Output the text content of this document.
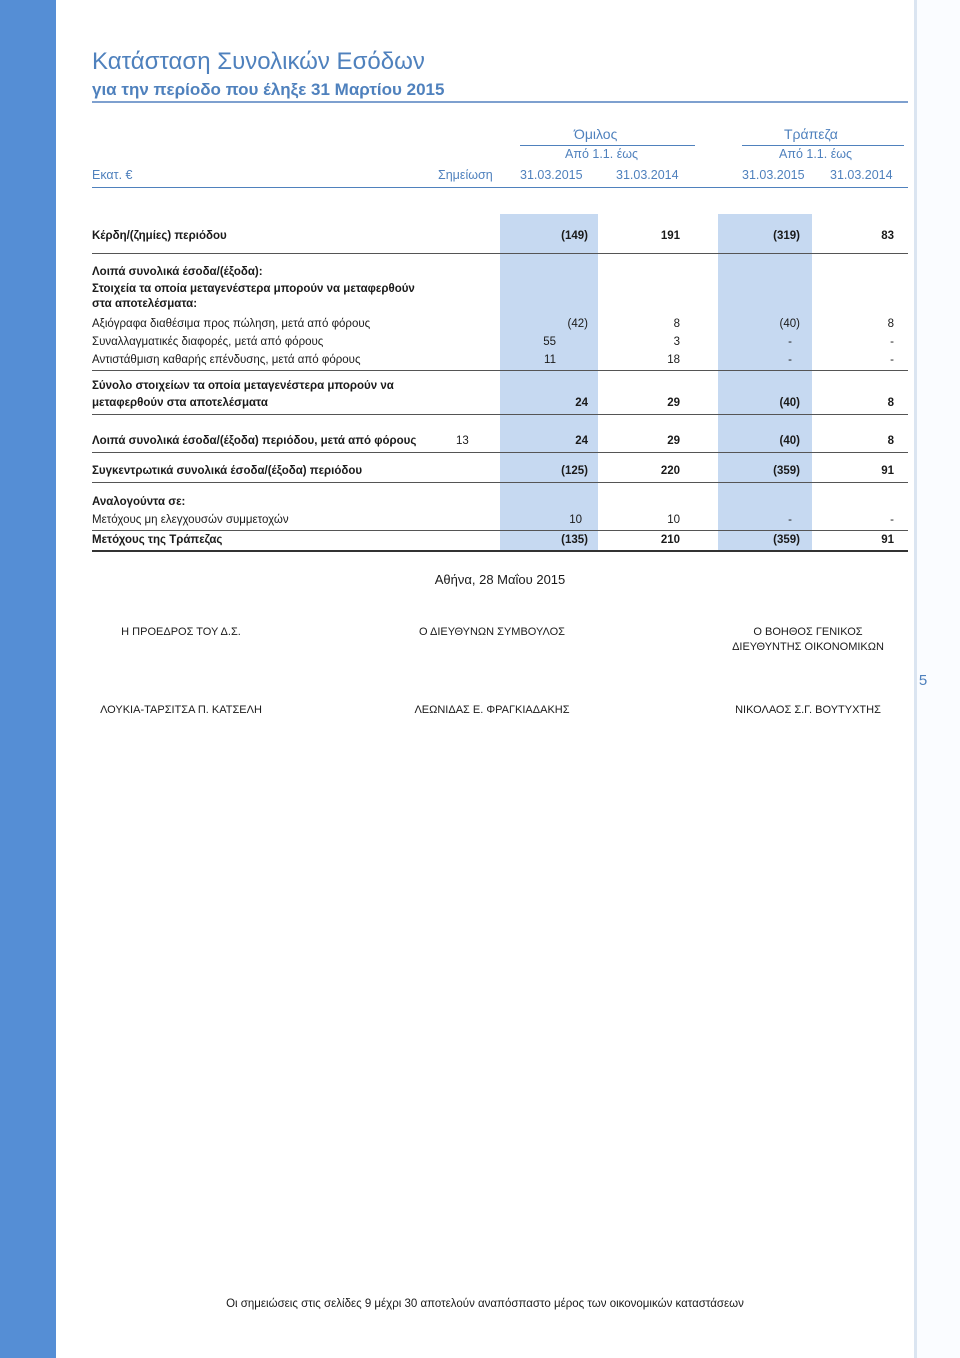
5
Κατάσταση Συνολικών Εσόδων
για την περίοδο που έληξε 31 Μαρτίου 2015
Όμιλος	Τράπεζα
Από 1.1. έως	Από 1.1. έως
Εκατ. €	Σημείωση 31.03.2015	31.03.2014	31.03.2015 31.03.2014
Κέρδη/(ζημίες) περιόδου	(149)	191	(319)	83
Λοιπά συνολικά έσοδα/(έξοδα):
Στοιχεία τα οποία μεταγενέστερα μπορούν να μεταφερθούν
στα αποτελέσματα:
Αξιόγραφα διαθέσιμα προς πώληση, μετά από φόρους	(42)	8	(40)	8
Συναλλαγματικές διαφορές, μετά από φόρους	55	3	-	-
Αντιστάθμιση καθαρής επένδυσης, μετά από φόρους	11	18	-	-
Σύνολο στοιχείων τα οποία μεταγενέστερα μπορούν να
μεταφερθούν στα αποτελέσματα	24	29	(40)	8
Λοιπά συνολικά έσοδα/(έξοδα) περιόδου, μετά από φόρους	13	24	29	(40)	8
Συγκεντρωτικά συνολικά έσοδα/(έξοδα) περιόδου	(125)	220	(359)	91
Αναλογούντα σε:
Μετόχους μη ελεγχουσών συμμετοχών	10	10	-	-
Μετόχους της Τράπεζας	(135)	210	(359)	91
Αθήνα, 28 Μαΐου 2015
Η ΠΡΟΕΔΡΟΣ ΤΟΥ Δ.Σ.	Ο ΔΙΕΥΘΥΝΩΝ ΣΥΜΒΟΥΛΟΣ	Ο ΒΟΗΘΟΣ ΓΕΝΙΚΟΣ
ΔΙΕΥΘΥΝΤΗΣ ΟΙΚΟΝΟΜΙΚΩΝ
ΛΟΥΚΙΑ-ΤΑΡΣΙΤΣΑ Π. ΚΑΤΣΕΛΗ	ΛΕΩΝΙΔΑΣ Ε. ΦΡΑΓΚΙΑΔΑΚΗΣ	ΝΙΚΟΛΑΟΣ Σ.Γ. ΒΟΥΤΥΧΤΗΣ
Οι σημειώσεις στις σελίδες 9 μέχρι 30 αποτελούν αναπόσπαστο μέρος των οικονομικών καταστάσεων
